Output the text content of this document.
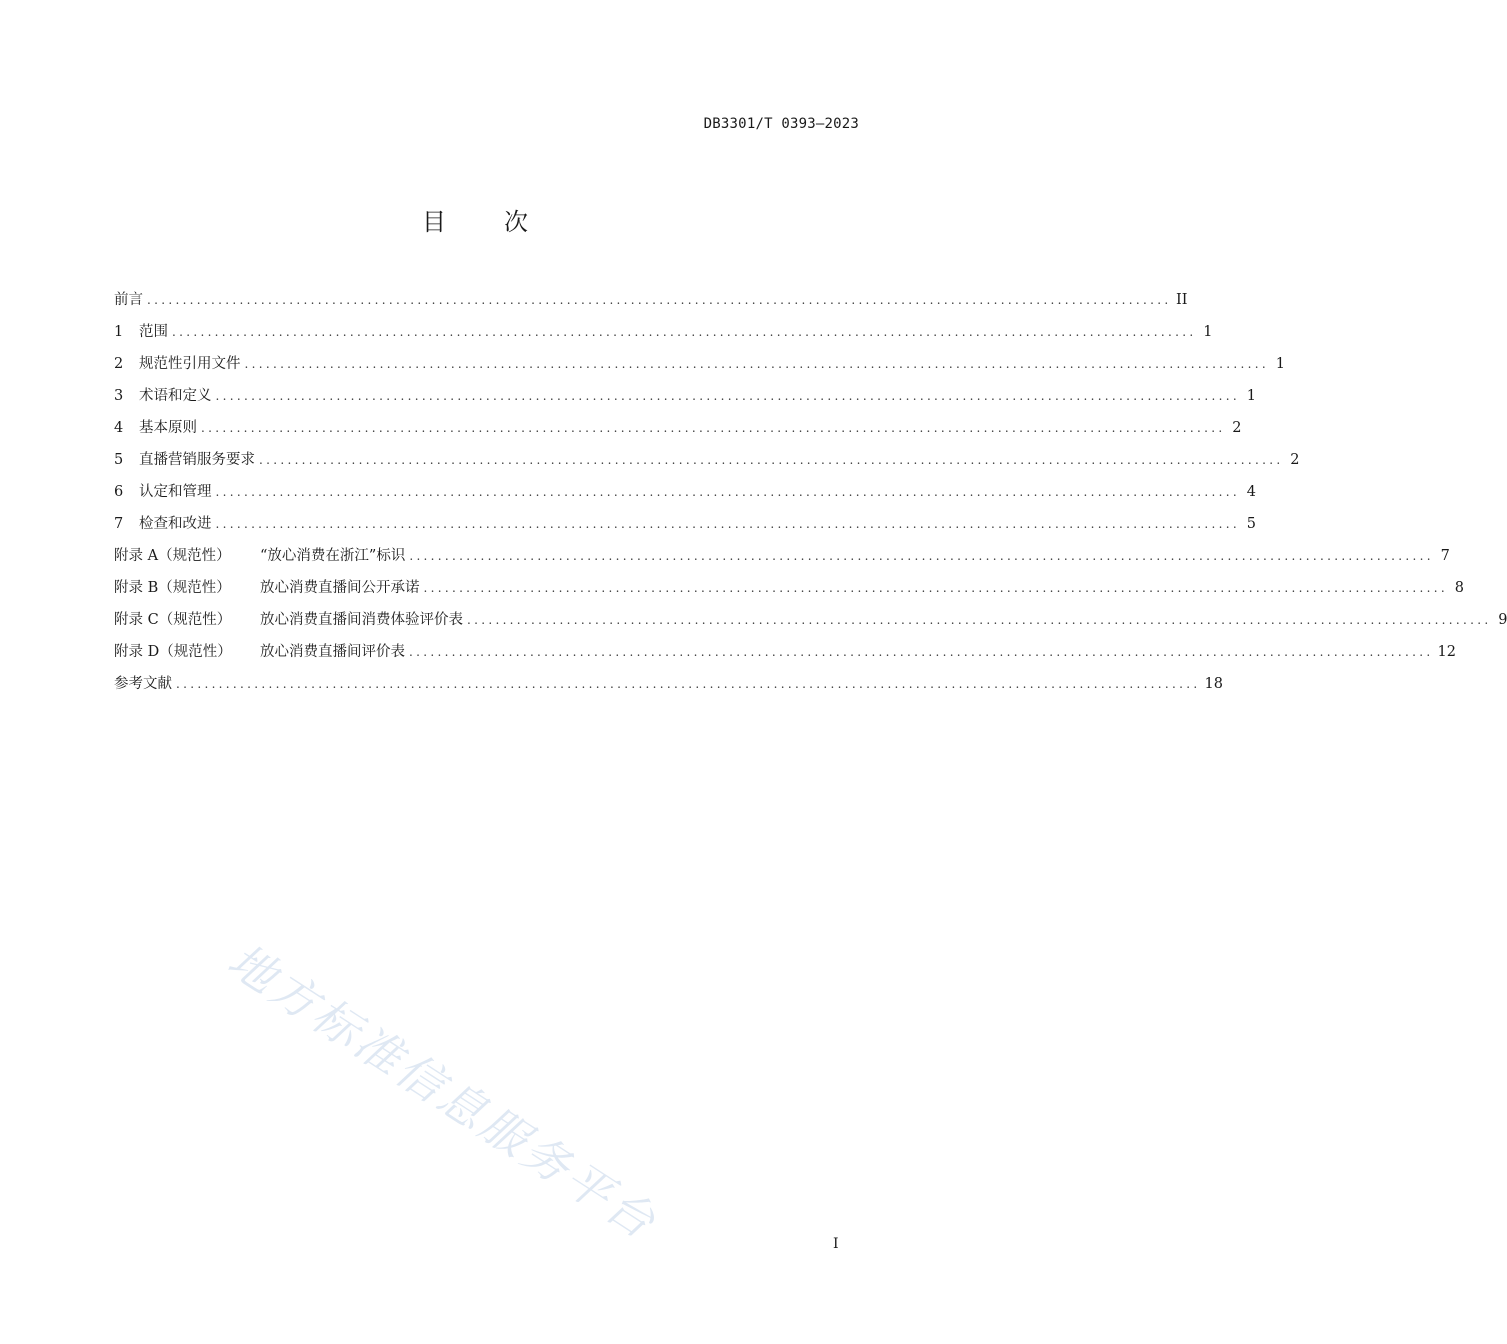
DB3301/T 0393—2023
目 次
前言 ................................................................................................................................................ II
1	范围 ................................................................................................................................................ 1
2	规范性引用文件 ................................................................................................................................................ 1
3	术语和定义 ................................................................................................................................................ 1
4	基本原则 ................................................................................................................................................ 2
5	直播营销服务要求 ................................................................................................................................................ 2
6	认定和管理 ................................................................................................................................................ 4
7	检查和改进 ................................................................................................................................................ 5
附录 A（规范性）	“放心消费在浙江”标识 ................................................................................................................................................ 7
附录 B（规范性）	放心消费直播间公开承诺 ................................................................................................................................................ 8
附录 C（规范性）	放心消费直播间消费体验评价表 ................................................................................................................................................ 9
附录 D（规范性）	放心消费直播间评价表 ................................................................................................................................................ 12
参考文献 ................................................................................................................................................ 18
地方标准信息服务平台	I
